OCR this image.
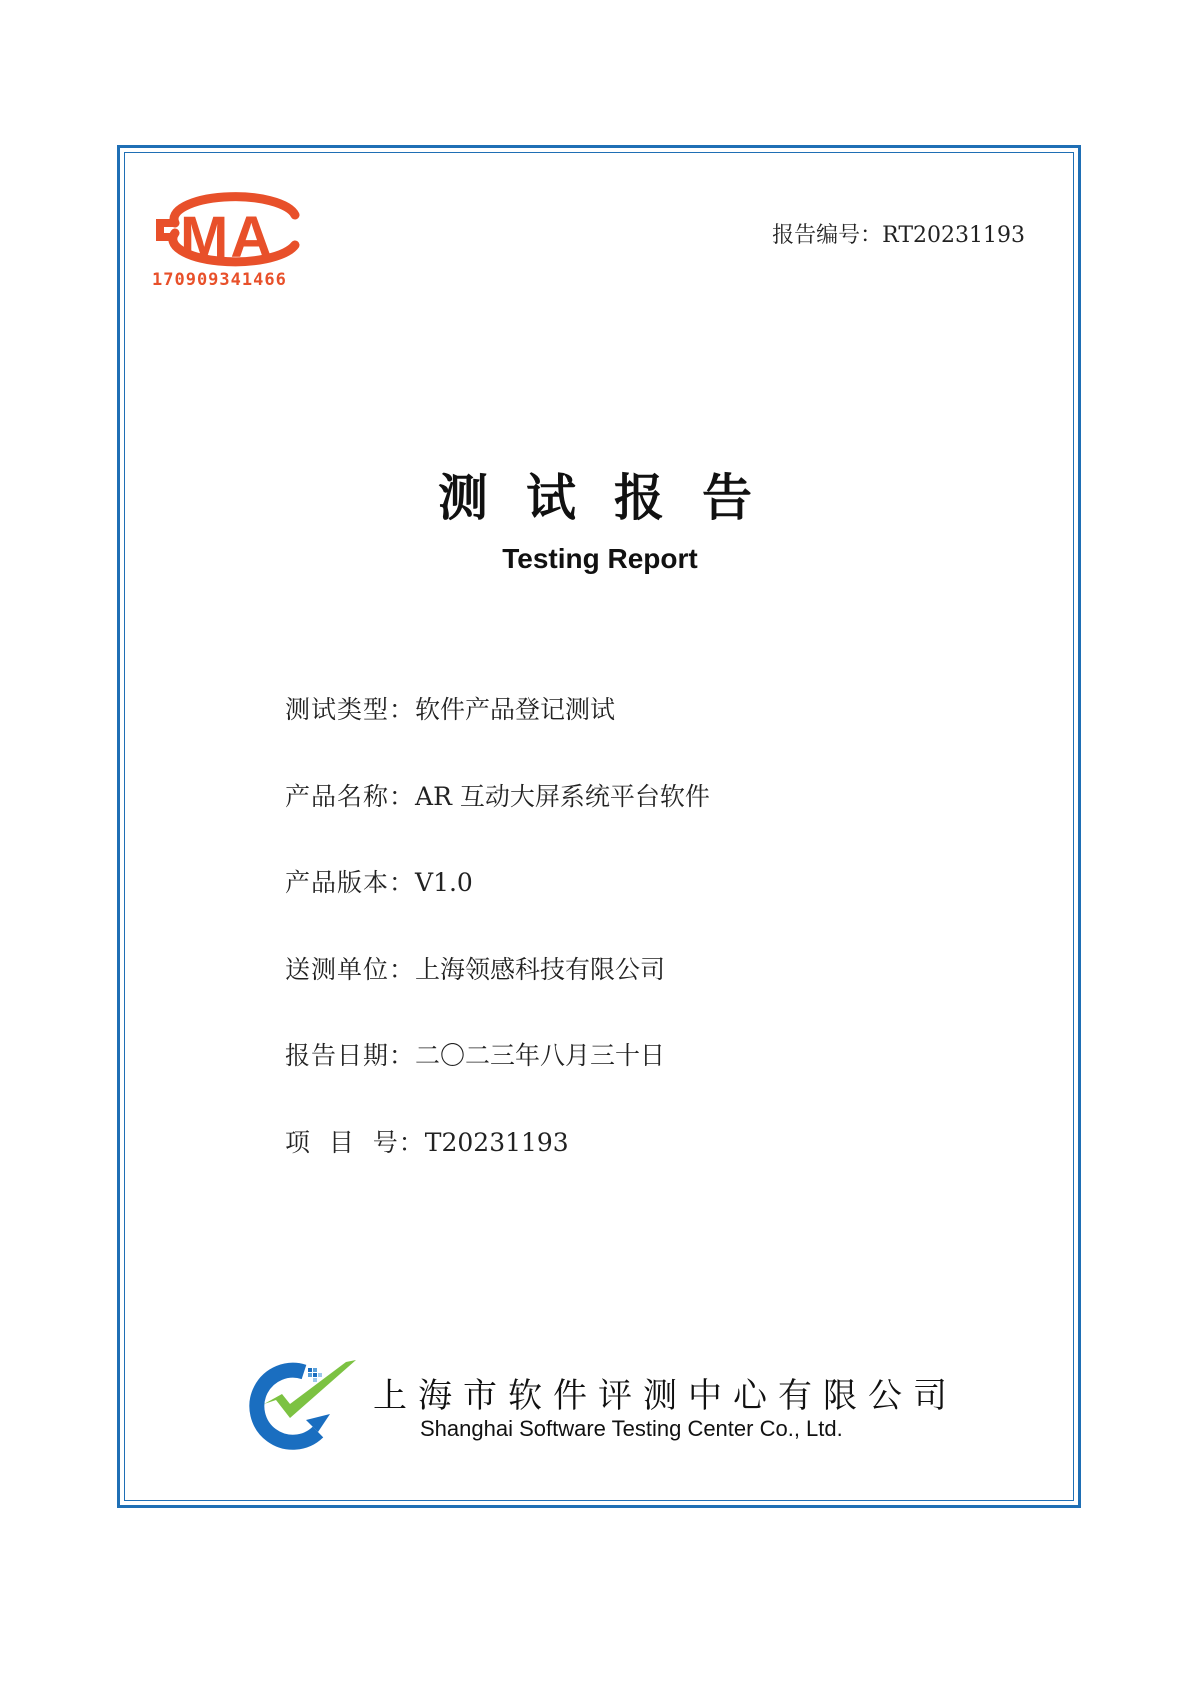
MA
170909341466
报告编号：RT20231193
测试报告
Testing Report
测试类型：软件产品登记测试
产品名称：AR 互动大屏系统平台软件
产品版本：V1.0
送测单位：上海领感科技有限公司
报告日期：二〇二三年八月三十日
项  目  号：T20231193
上海市软件评测中心有限公司
Shanghai Software Testing Center Co., Ltd.
